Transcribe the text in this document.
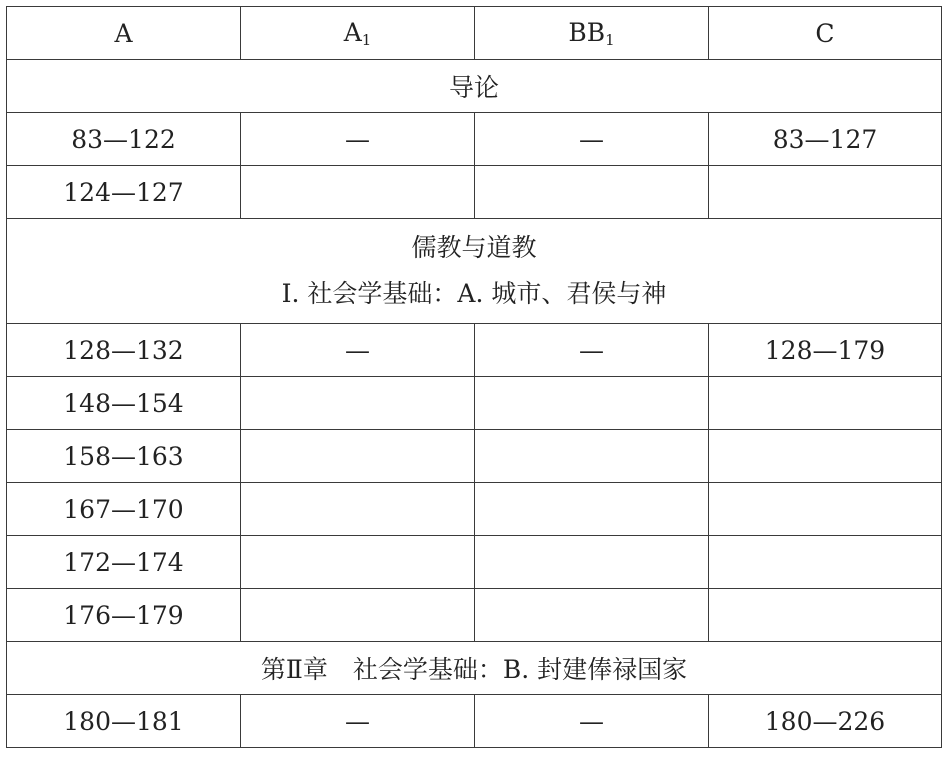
A	$A_1$	$BB_1$	C

导论			

83—122	—	—	83—127
124—127			

儒教与道教
Ⅰ. 社会学基础：A. 城市、君侯与神			

128—132	—	—	128—179
148—154			
158—163			
167—170			
172—174			
176—179			

第Ⅱ章　社会学基础：B. 封建俸禄国家			

180—181	—	—	180—226
